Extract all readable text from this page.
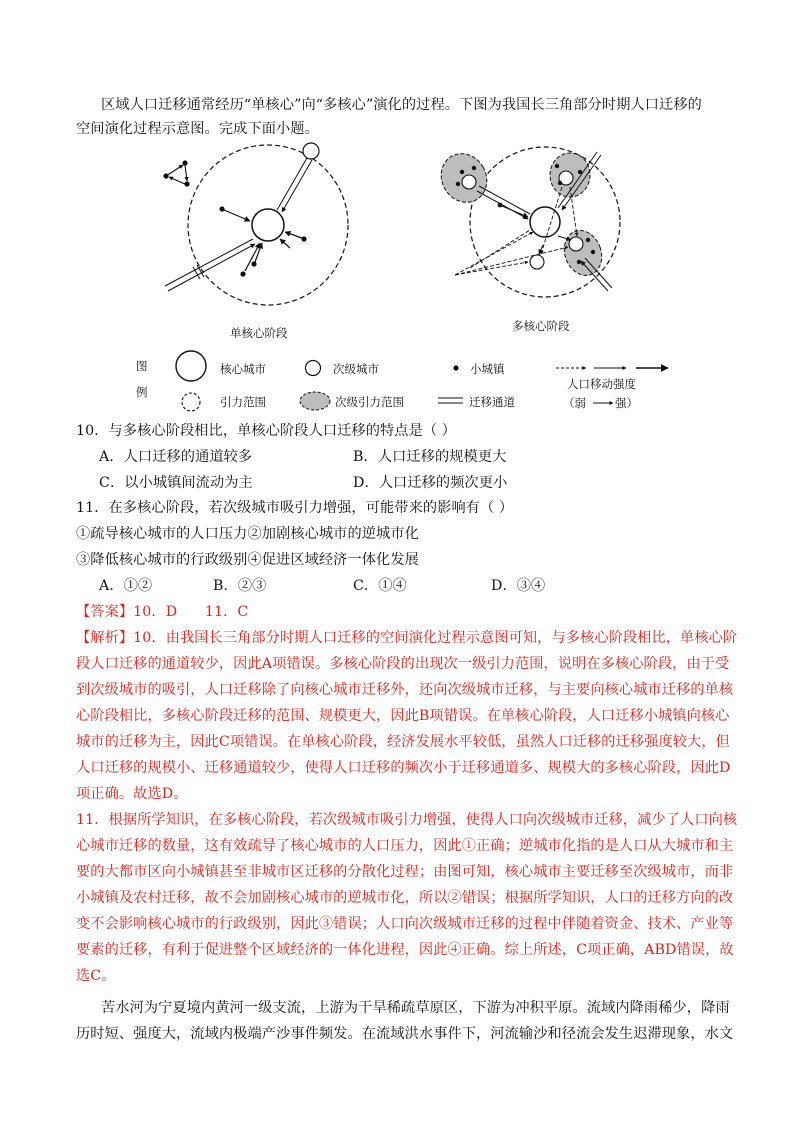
区域人口迁移通常经历“单核心”向“多核心”演化的过程。下图为我国长三角部分时期人口迁移的
空间演化过程示意图。完成下面小题。
单核心阶段	多核心阶段
图
例
核心城市	次级城市	小城镇
人口移动强度
（弱	强）
引力范围	次级引力范围	迁移通道
10．与多核心阶段相比，单核心阶段人口迁移的特点是（ ）
A．人口迁移的通道较多	B．人口迁移的规模更大
C．以小城镇间流动为主	D．人口迁移的频次更小
11．在多核心阶段，若次级城市吸引力增强，可能带来的影响有（ ）
①疏导核心城市的人口压力②加剧核心城市的逆城市化
③降低核心城市的行政级别④促进区域经济一体化发展
A．①②	B．②③	C．①④	D．③④
【答案】10．D      11．C
【解析】10．由我国长三角部分时期人口迁移的空间演化过程示意图可知，与多核心阶段相比，单核心阶
段人口迁移的通道较少，因此A项错误。多核心阶段的出现次一级引力范围，说明在多核心阶段，由于受
到次级城市的吸引，人口迁移除了向核心城市迁移外，还向次级城市迁移，与主要向核心城市迁移的单核
心阶段相比，多核心阶段迁移的范围、规模更大，因此B项错误。在单核心阶段，人口迁移小城镇向核心
城市的迁移为主，因此C项错误。在单核心阶段，经济发展水平较低，虽然人口迁移的迁移强度较大，但
人口迁移的规模小、迁移通道较少，使得人口迁移的频次小于迁移通道多、规模大的多核心阶段，因此D
项正确。故选D。
11．根据所学知识，在多核心阶段，若次级城市吸引力增强，使得人口向次级城市迁移，减少了人口向核
心城市迁移的数量，这有效疏导了核心城市的人口压力，因此①正确；逆城市化指的是人口从大城市和主
要的大都市区向小城镇甚至非城市区迁移的分散化过程；由图可知，核心城市主要迁移至次级城市，而非
小城镇及农村迁移，故不会加剧核心城市的逆城市化，所以②错误；根据所学知识，人口的迁移方向的改
变不会影响核心城市的行政级别，因此③错误；人口向次级城市迁移的过程中伴随着资金、技术、产业等
要素的迁移，有利于促进整个区域经济的一体化进程，因此④正确。综上所述，C项正确，ABD错误，故
选C。
苦水河为宁夏境内黄河一级支流，上游为干旱稀疏草原区，下游为冲积平原。流域内降雨稀少，降雨
历时短、强度大，流域内极端产沙事件频发。在流域洪水事件下，河流输沙和径流会发生迟滞现象，水文
